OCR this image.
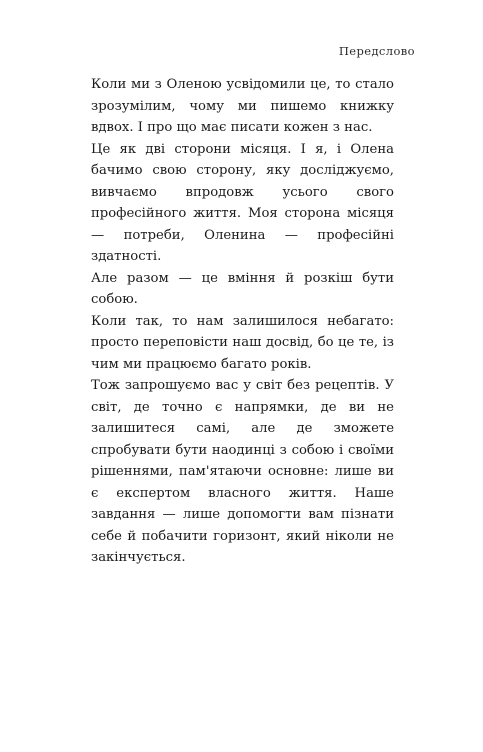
Передслово

Коли ми з Оленою усвідомили це, то стало зрозумілим, чому ми пишемо книжку вдвох. І про що має писати кожен з нас.

Це як дві сторони місяця. І я, і Олена бачимо свою сторону, яку досліджуємо, вивчаємо впродовж усього свого професійного життя. Моя сторона місяця — потреби, Оленина — професійні здатності.

Але разом — це вміння й розкіш бути собою.

Коли так, то нам залишилося небагато: просто переповісти наш досвід, бо це те, із чим ми працюємо багато років.

Тож запрошуємо вас у світ без рецептів. У світ, де точно є напрямки, де ви не залишитеся самі, але де зможете спробувати бути наодинці з собою і своїми рішеннями, пам'ятаючи основне: лише ви є експертом власного життя. Наше завдання — лише допомогти вам пізнати себе й побачити горизонт, який ніколи не закінчується.
